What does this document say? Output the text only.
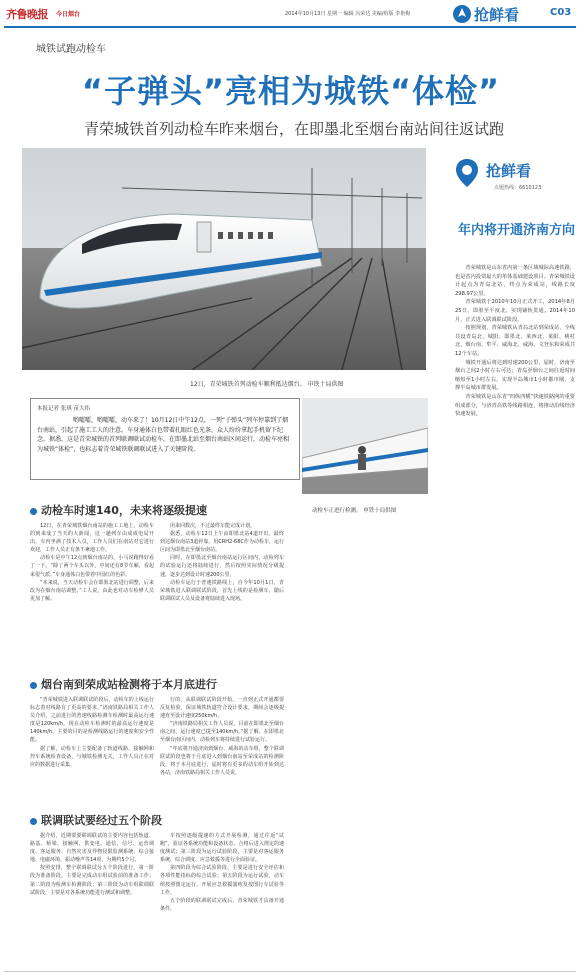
齐鲁晚报 今日烟台	2014年10月13日 星期一 编辑 冯荣达 美编/组版 李艳梅	抢鲜看	C03
城铁试跑动检车
“子弹头”亮相为城铁“体检”
青荣城铁首列动检车昨来烟台，在即墨北至烟台南站间往返试跑
12日，青荣城铁首列动检车顺利抵达烟台。 申铁十局供图
抢鲜看
点题热线：6610123
年内将开通济南方向

青荣城铁是山东省内第一条区域城际高速铁路，也是省内投资最大的单体基础建设项目。青荣城铁设计起点为青岛北站，终点为荣成站，线路长度298.97公里。

青荣城铁于2010年10月正式开工，2014年8月25日，即墨至平度北、实现铺轨贯通。2014年10月，正式进入联调联试阶段。

按照规划，青荣城铁从青岛北站到荣成站，全线共设青岛北、城阳、即墨北、莱西北、莱阳、桃村北、烟台南、牟平、威海北、威海、文登东和荣成共12个车站。

城铁开通后将达到时速200公里，届时，济南至烟台之间2小时左右可达；青岛至烟台之间往返时间缩短至1小时左右，实现半岛城市1小时都市圈，支撑半岛城市群发展。

青荣城铁是山东省“四纵四横”快速铁路网的重要组成部分，与济青高铁等线路相连，将推动沿线经济快速发展。

本报记者 张琪 苗大伟
哟嚯嚯，哟嚯嚯，动车来了！10月12日中午12点，一列“子弹头”列车停靠到了烟台南站，引起了施工工人的注意。车身通体白色带着扎眼红色光条，众人纷纷拿起手机留下纪念。据悉，这是青荣城铁的首列联调联试动检车，在即墨北站至烟台南站区间运行，动检车亮相为城铁“体检”，也标志着青荣城铁联调联试进入了关键阶段。
动检车正进行检测。 申铁十局供图
动检车时速140，未来将逐级提速

12日，在青荣城铁烟台南站的施工工地上，动检车的到来成了当天的大新闻，这一趟列车由成成电局开出，车内坐满了技术人员，工作人员们在南站对它进行欢迎，工作人员正有条不紊地工作。

动检车是中午12点到烟台南站的，小马说跑得好看了一下。“除了两个车头以外，中间还有8节车厢，看起来很气派。”车身通体白色带着中国红的色彩。

“本来说，当天动检车会在即墨北站进行调整，后来改为在烟台南站调整。”工人说，由此也对动车检修人员更加了解。

闭来回数次，不过最终车能完成计划。

据悉，动检车12日上午由即墨北站4道开出，最终到达烟台南站3道停靠，用CRH2-68C作为动检车，运行区间为即墨北至烟台南站。

同时，在即墨北至烟台南站运行区间内，动检列车的试验运行还将陆续进行，然后按照实际情况分级提速，逐步达到设计时速200公里。

动检车运行于普速铁路线上，自今年10月1日，青荣城铁进入联调联试阶段，首先上线的是检测车，随后联调联试人员及设备将陆续进入现场。

烟台南到荣成站检测将于本月底进行

“青荣城铁进入联调联试阶段后，动检车的上线运行标志着对线路有了更高的要求。”济南铁路局相关工作人员介绍，之前进行的普速线路检测车检测时最高运行速度是120km/h，现在动检车检测时的最高运行速度是140km/h，主要的目的是检测线路运行的速度和安全性能。

据了解，动检车上主要配备了轨道线路、接触网和控车系统检查设备，与城铁检测无关，工作人员正在对应的数据进行采集。

行的，从联调联试阶段开始，一直到正式开通都要反复检验，保证城铁轨道符合设计要求，期间会逐级提速直至设计速度250km/h。

“济南铁路局相关工作人员说，目前在即墨北至烟台南之间，运行速度已提至140km/h。”据了解，在即墨北至烟台南区间内，动检列车将持续进行试验运行。

“年底将开通济南到烟台、威海的动车组，整个联调联试阶段也将于月底进入到烟台南站至荣成站的检测阶段，将于本月底进行，届时将有更多的动车组开始到达各站，济南铁路局相关工作人员说。

联调联试要经过五个阶段

据介绍，近期要要联调联试的主要内容包括轨道、路基、桥梁、接触网、供变电、通信、信号、运营调度、客运服务、自然灾害及异物侵限监测系统、综合接地、电磁环境、振动噪声等14项，为期约5个月。

按照安排，整个联调联试分五个阶段进行，第一阶段为准备阶段，主要是完成动车组试验前的准备工作；第二阶段为检测车检测阶段；第三阶段为动车组联调联试阶段，主要是对各系统功能进行测试和调整。

车按照逐级提速的方式开展检测，通过往返“试跑”，验证各系统功能和设备状态，合格后进入规定的速度测试；第三阶段为运行试验阶段，主要是对客运服务系统、综合调度、应急救援等进行全面验证。

第四阶段为综合试验阶段，主要是进行安全评估和各项性能指标的综合试验；第五阶段为运行试验，动车组按照图定运行，开展应急救援演练及按图行车试验等工作。

五个阶段的联调联试完成后，青荣城铁才具备开通条件。
